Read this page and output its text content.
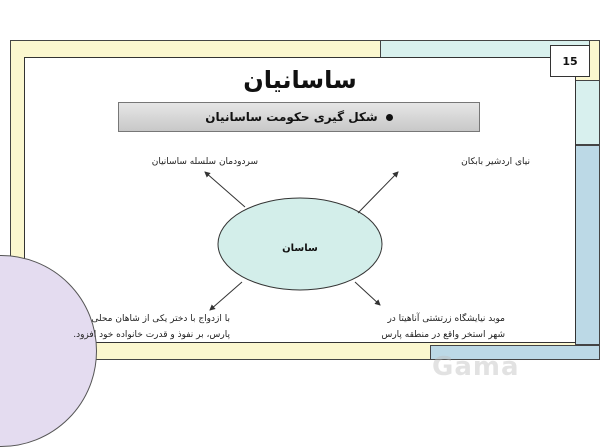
15
ساسانیان
شکل گیری حکومت ساسانیان
ساسان
سردودمان سلسله ساسانیان	نیای اردشیر بابکان
با ازدواج با دختر یکی از شاهان محلی
پارس، بر نفوذ و قدرت خانواده خود افزود.
موبد نیایشگاه زرتشتی آناهیتا در
شهر استخر واقع در منطقه پارس
Gama
